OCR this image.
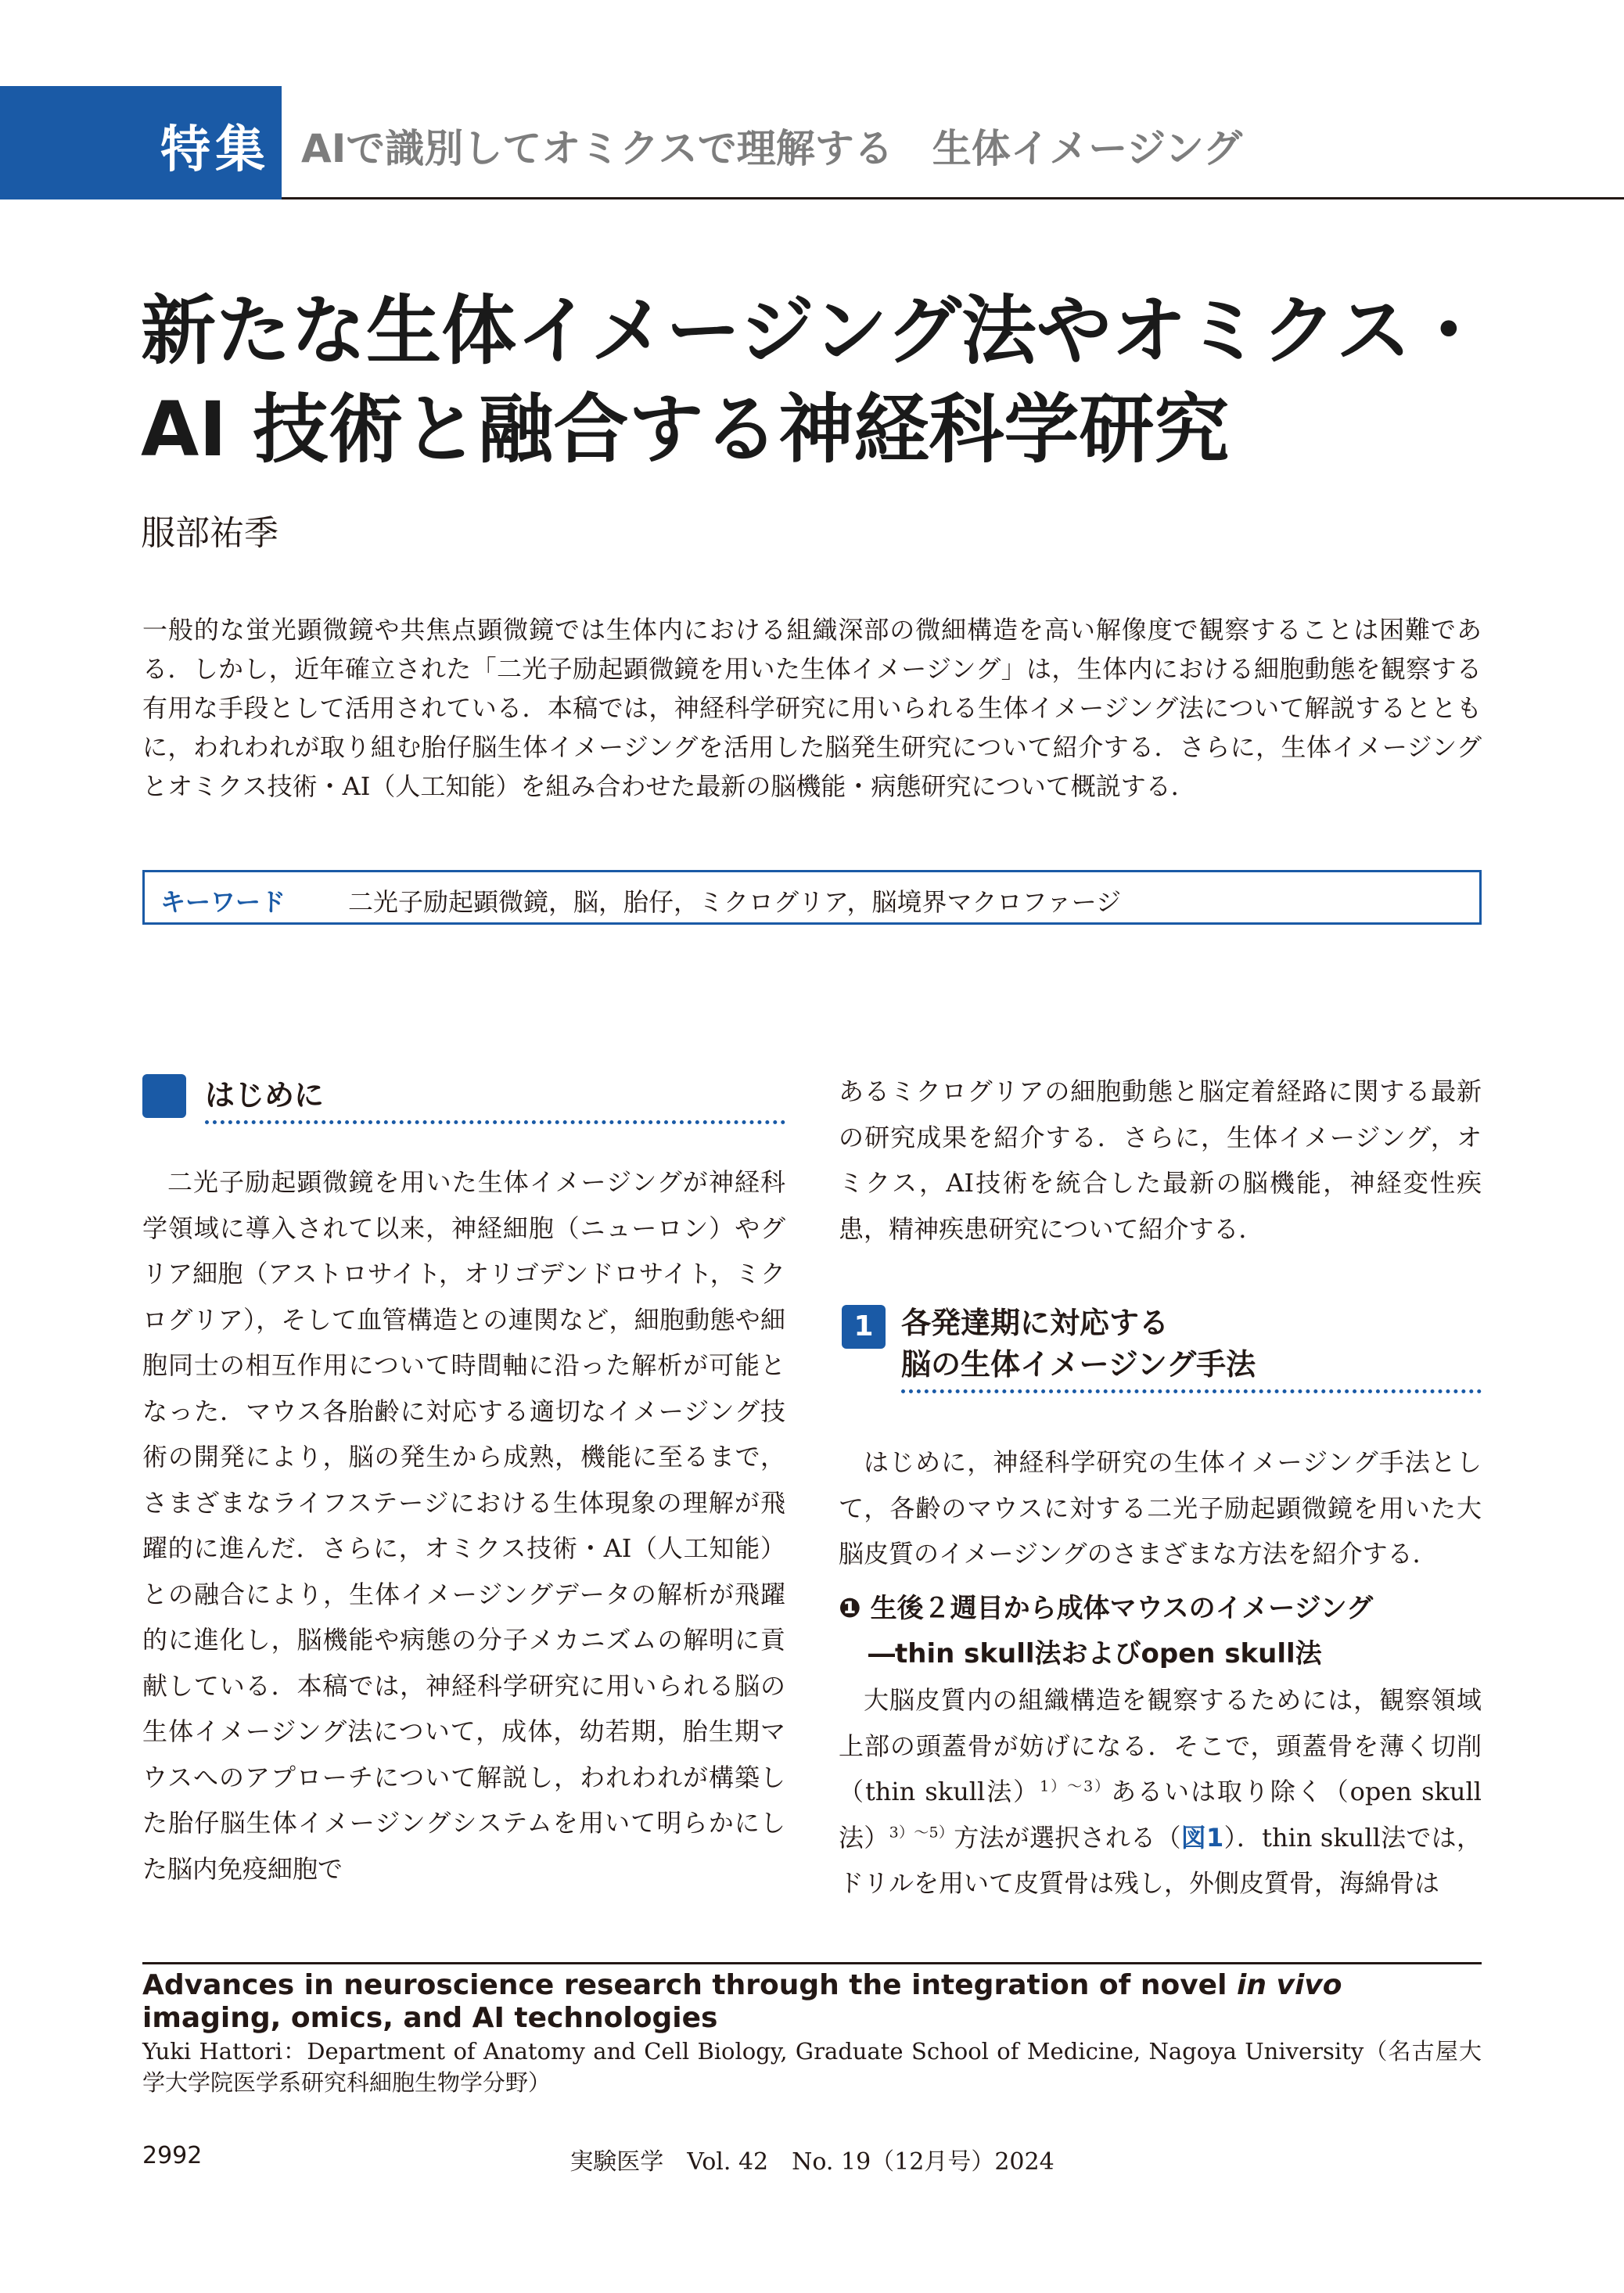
特集 AIで識別してオミクスで理解する　生体イメージング
新たな生体イメージング法やオミクス・AI 技術と融合する神経科学研究
服部祐季
一般的な蛍光顕微鏡や共焦点顕微鏡では生体内における組織深部の微細構造を高い解像度で観察することは困難である．しかし，近年確立された「二光子励起顕微鏡を用いた生体イメージング」は，生体内における細胞動態を観察する有用な手段として活用されている．本稿では，神経科学研究に用いられる生体イメージング法について解説するとともに，われわれが取り組む胎仔脳生体イメージングを活用した脳発生研究について紹介する．さらに，生体イメージングとオミクス技術・AI（人工知能）を組み合わせた最新の脳機能・病態研究について概説する．
キーワード 二光子励起顕微鏡，脳，胎仔，ミクログリア，脳境界マクロファージ
はじめに
二光子励起顕微鏡を用いた生体イメージングが神経科学領域に導入されて以来，神経細胞（ニューロン）やグリア細胞（アストロサイト，オリゴデンドロサイト，ミクログリア），そして血管構造との連関など，細胞動態や細胞同士の相互作用について時間軸に沿った解析が可能となった．マウス各胎齢に対応する適切なイメージング技術の開発により，脳の発生から成熟，機能に至るまで，さまざまなライフステージにおける生体現象の理解が飛躍的に進んだ．さらに，オミクス技術・AI（人工知能）との融合により，生体イメージングデータの解析が飛躍的に進化し，脳機能や病態の分子メカニズムの解明に貢献している．本稿では，神経科学研究に用いられる脳の生体イメージング法について，成体，幼若期，胎生期マウスへのアプローチについて解説し，われわれが構築した胎仔脳生体イメージングシステムを用いて明らかにした脳内免疫細胞で
あるミクログリアの細胞動態と脳定着経路に関する最新の研究成果を紹介する．さらに，生体イメージング，オミクス，AI技術を統合した最新の脳機能，神経変性疾患，精神疾患研究について紹介する．
1 各発達期に対応する
脳の生体イメージング手法
はじめに，神経科学研究の生体イメージング手法として，各齢のマウスに対する二光子励起顕微鏡を用いた大脳皮質のイメージングのさまざまな方法を紹介する．
❶ 生後２週目から成体マウスのイメージング
―thin skull法およびopen skull法
大脳皮質内の組織構造を観察するためには，観察領域上部の頭蓋骨が妨げになる．そこで，頭蓋骨を薄く切削（thin skull法）$^{1)\sim 3)}$あるいは取り除く（open skull法）$^{3)\sim 5)}$方法が選択される（図1）．thin skull法では，ドリルを用いて皮質骨は残し，外側皮質骨，海綿骨は
Advances in neuroscience research through the integration of novel in vivo imaging, omics, and AI technologies
Yuki Hattori：Department of Anatomy and Cell Biology, Graduate School of Medicine, Nagoya University（名古屋大学大学院医学系研究科細胞生物学分野）
実験医学　Vol. 42　No. 19（12月号）2024
2992
